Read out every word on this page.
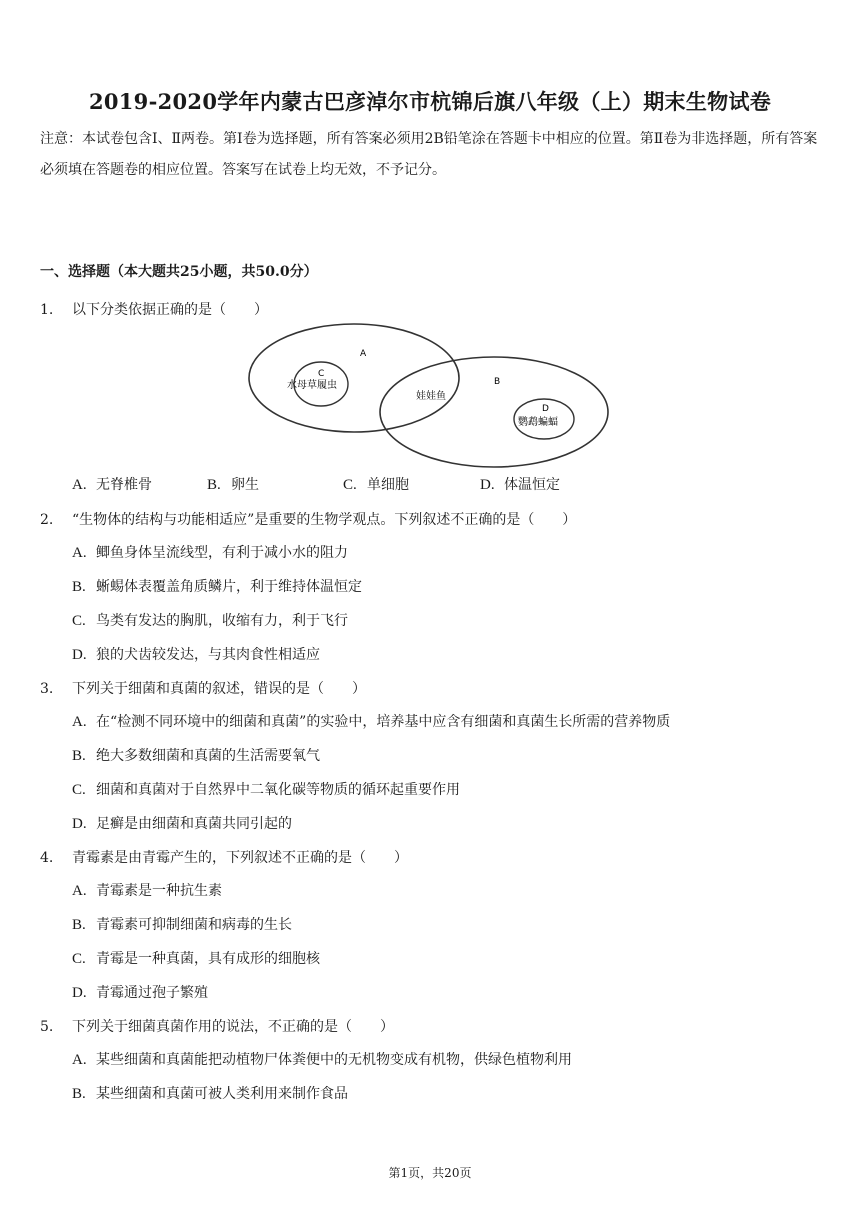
2019-2020学年内蒙古巴彦淖尔市杭锦后旗八年级（上）期末生物试卷
注意：本试卷包含Ⅰ、Ⅱ两卷。第Ⅰ卷为选择题，所有答案必须用2B铅笔涂在答题卡中相应的位置。第Ⅱ卷为非选择题，所有答案必须填在答题卷的相应位置。答案写在试卷上均无效，不予记分。
一、选择题（本大题共25小题，共50.0分）
1. 以下分类依据正确的是（　　）
A
B
C
D
水母草履虫
娃娃鱼
鹦鹉蝙蝠
A. 无脊椎骨	B. 卵生	C. 单细胞	D. 体温恒定
2. “生物体的结构与功能相适应”是重要的生物学观点。下列叙述不正确的是（　　）
A. 鲫鱼身体呈流线型，有利于减小水的阻力
B. 蜥蜴体表覆盖角质鳞片，利于维持体温恒定
C. 鸟类有发达的胸肌，收缩有力，利于飞行
D. 狼的犬齿较发达，与其肉食性相适应
3. 下列关于细菌和真菌的叙述，错误的是（　　）
A. 在“检测不同环境中的细菌和真菌”的实验中，培养基中应含有细菌和真菌生长所需的营养物质
B. 绝大多数细菌和真菌的生活需要氧气
C. 细菌和真菌对于自然界中二氧化碳等物质的循环起重要作用
D. 足癣是由细菌和真菌共同引起的
4. 青霉素是由青霉产生的，下列叙述不正确的是（　　）
A. 青霉素是一种抗生素
B. 青霉素可抑制细菌和病毒的生长
C. 青霉是一种真菌，具有成形的细胞核
D. 青霉通过孢子繁殖
5. 下列关于细菌真菌作用的说法，不正确的是（　　）
A. 某些细菌和真菌能把动植物尸体粪便中的无机物变成有机物，供绿色植物利用
B. 某些细菌和真菌可被人类利用来制作食品
第1页，共20页
